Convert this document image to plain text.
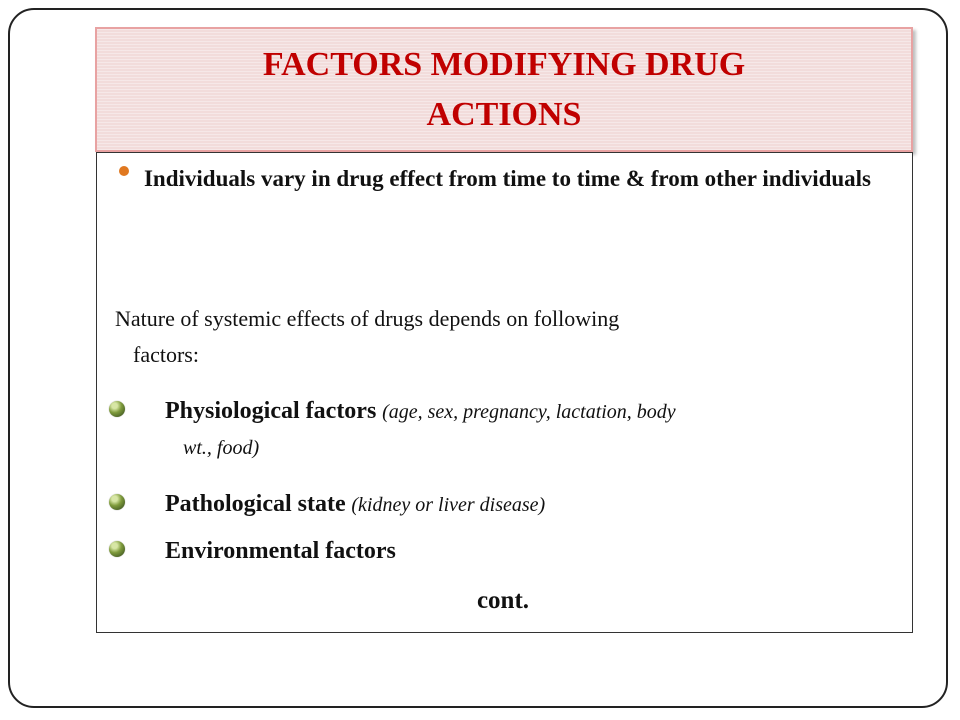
FACTORS MODIFYING DRUG ACTIONS
Individuals vary in drug effect from time to time & from other individuals
Nature of systemic effects of drugs depends on following
factors:
Physiological factors (age, sex, pregnancy, lactation, body
wt., food)
Pathological state (kidney or liver disease)
Environmental factors
cont.
